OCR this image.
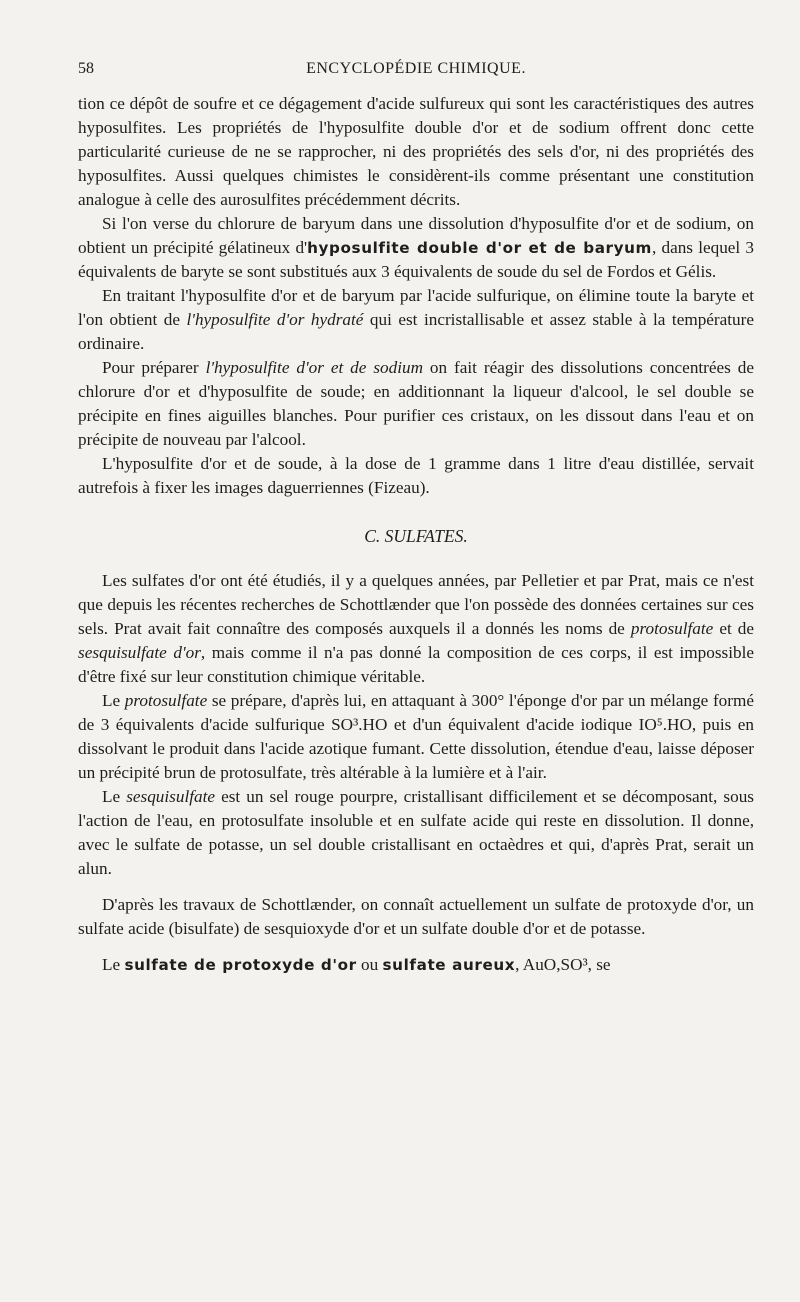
58	ENCYCLOPÉDIE CHIMIQUE.

tion ce dépôt de soufre et ce dégagement d'acide sulfureux qui sont les caractéristiques des autres hyposulfites. Les propriétés de l'hyposulfite double d'or et de sodium offrent donc cette particularité curieuse de ne se rapprocher, ni des propriétés des sels d'or, ni des propriétés des hyposulfites. Aussi quelques chimistes le considèrent-ils comme présentant une constitution analogue à celle des aurosulfites précédemment décrits.

Si l'on verse du chlorure de baryum dans une dissolution d'hyposulfite d'or et de sodium, on obtient un précipité gélatineux d'hyposulfite double d'or et de baryum, dans lequel 3 équivalents de baryte se sont substitués aux 3 équivalents de soude du sel de Fordos et Gélis.

En traitant l'hyposulfite d'or et de baryum par l'acide sulfurique, on élimine toute la baryte et l'on obtient de l'hyposulfite d'or hydraté qui est incristallisable et assez stable à la température ordinaire.

Pour préparer l'hyposulfite d'or et de sodium on fait réagir des dissolutions concentrées de chlorure d'or et d'hyposulfite de soude; en additionnant la liqueur d'alcool, le sel double se précipite en fines aiguilles blanches. Pour purifier ces cristaux, on les dissout dans l'eau et on précipite de nouveau par l'alcool.

L'hyposulfite d'or et de soude, à la dose de 1 gramme dans 1 litre d'eau distillée, servait autrefois à fixer les images daguerriennes (Fizeau).

C. SULFATES.

Les sulfates d'or ont été étudiés, il y a quelques années, par Pelletier et par Prat, mais ce n'est que depuis les récentes recherches de Schottlænder que l'on possède des données certaines sur ces sels. Prat avait fait connaître des composés auxquels il a donnés les noms de protosulfate et de sesquisulfate d'or, mais comme il n'a pas donné la composition de ces corps, il est impossible d'être fixé sur leur constitution chimique véritable.

Le protosulfate se prépare, d'après lui, en attaquant à 300° l'éponge d'or par un mélange formé de 3 équivalents d'acide sulfurique SO³.HO et d'un équivalent d'acide iodique IO⁵.HO, puis en dissolvant le produit dans l'acide azotique fumant. Cette dissolution, étendue d'eau, laisse déposer un précipité brun de protosulfate, très altérable à la lumière et à l'air.

Le sesquisulfate est un sel rouge pourpre, cristallisant difficilement et se décomposant, sous l'action de l'eau, en protosulfate insoluble et en sulfate acide qui reste en dissolution. Il donne, avec le sulfate de potasse, un sel double cristallisant en octaèdres et qui, d'après Prat, serait un alun.

D'après les travaux de Schottlænder, on connaît actuellement un sulfate de protoxyde d'or, un sulfate acide (bisulfate) de sesquioxyde d'or et un sulfate double d'or et de potasse.

Le sulfate de protoxyde d'or ou sulfate aureux, AuO,SO³, se
